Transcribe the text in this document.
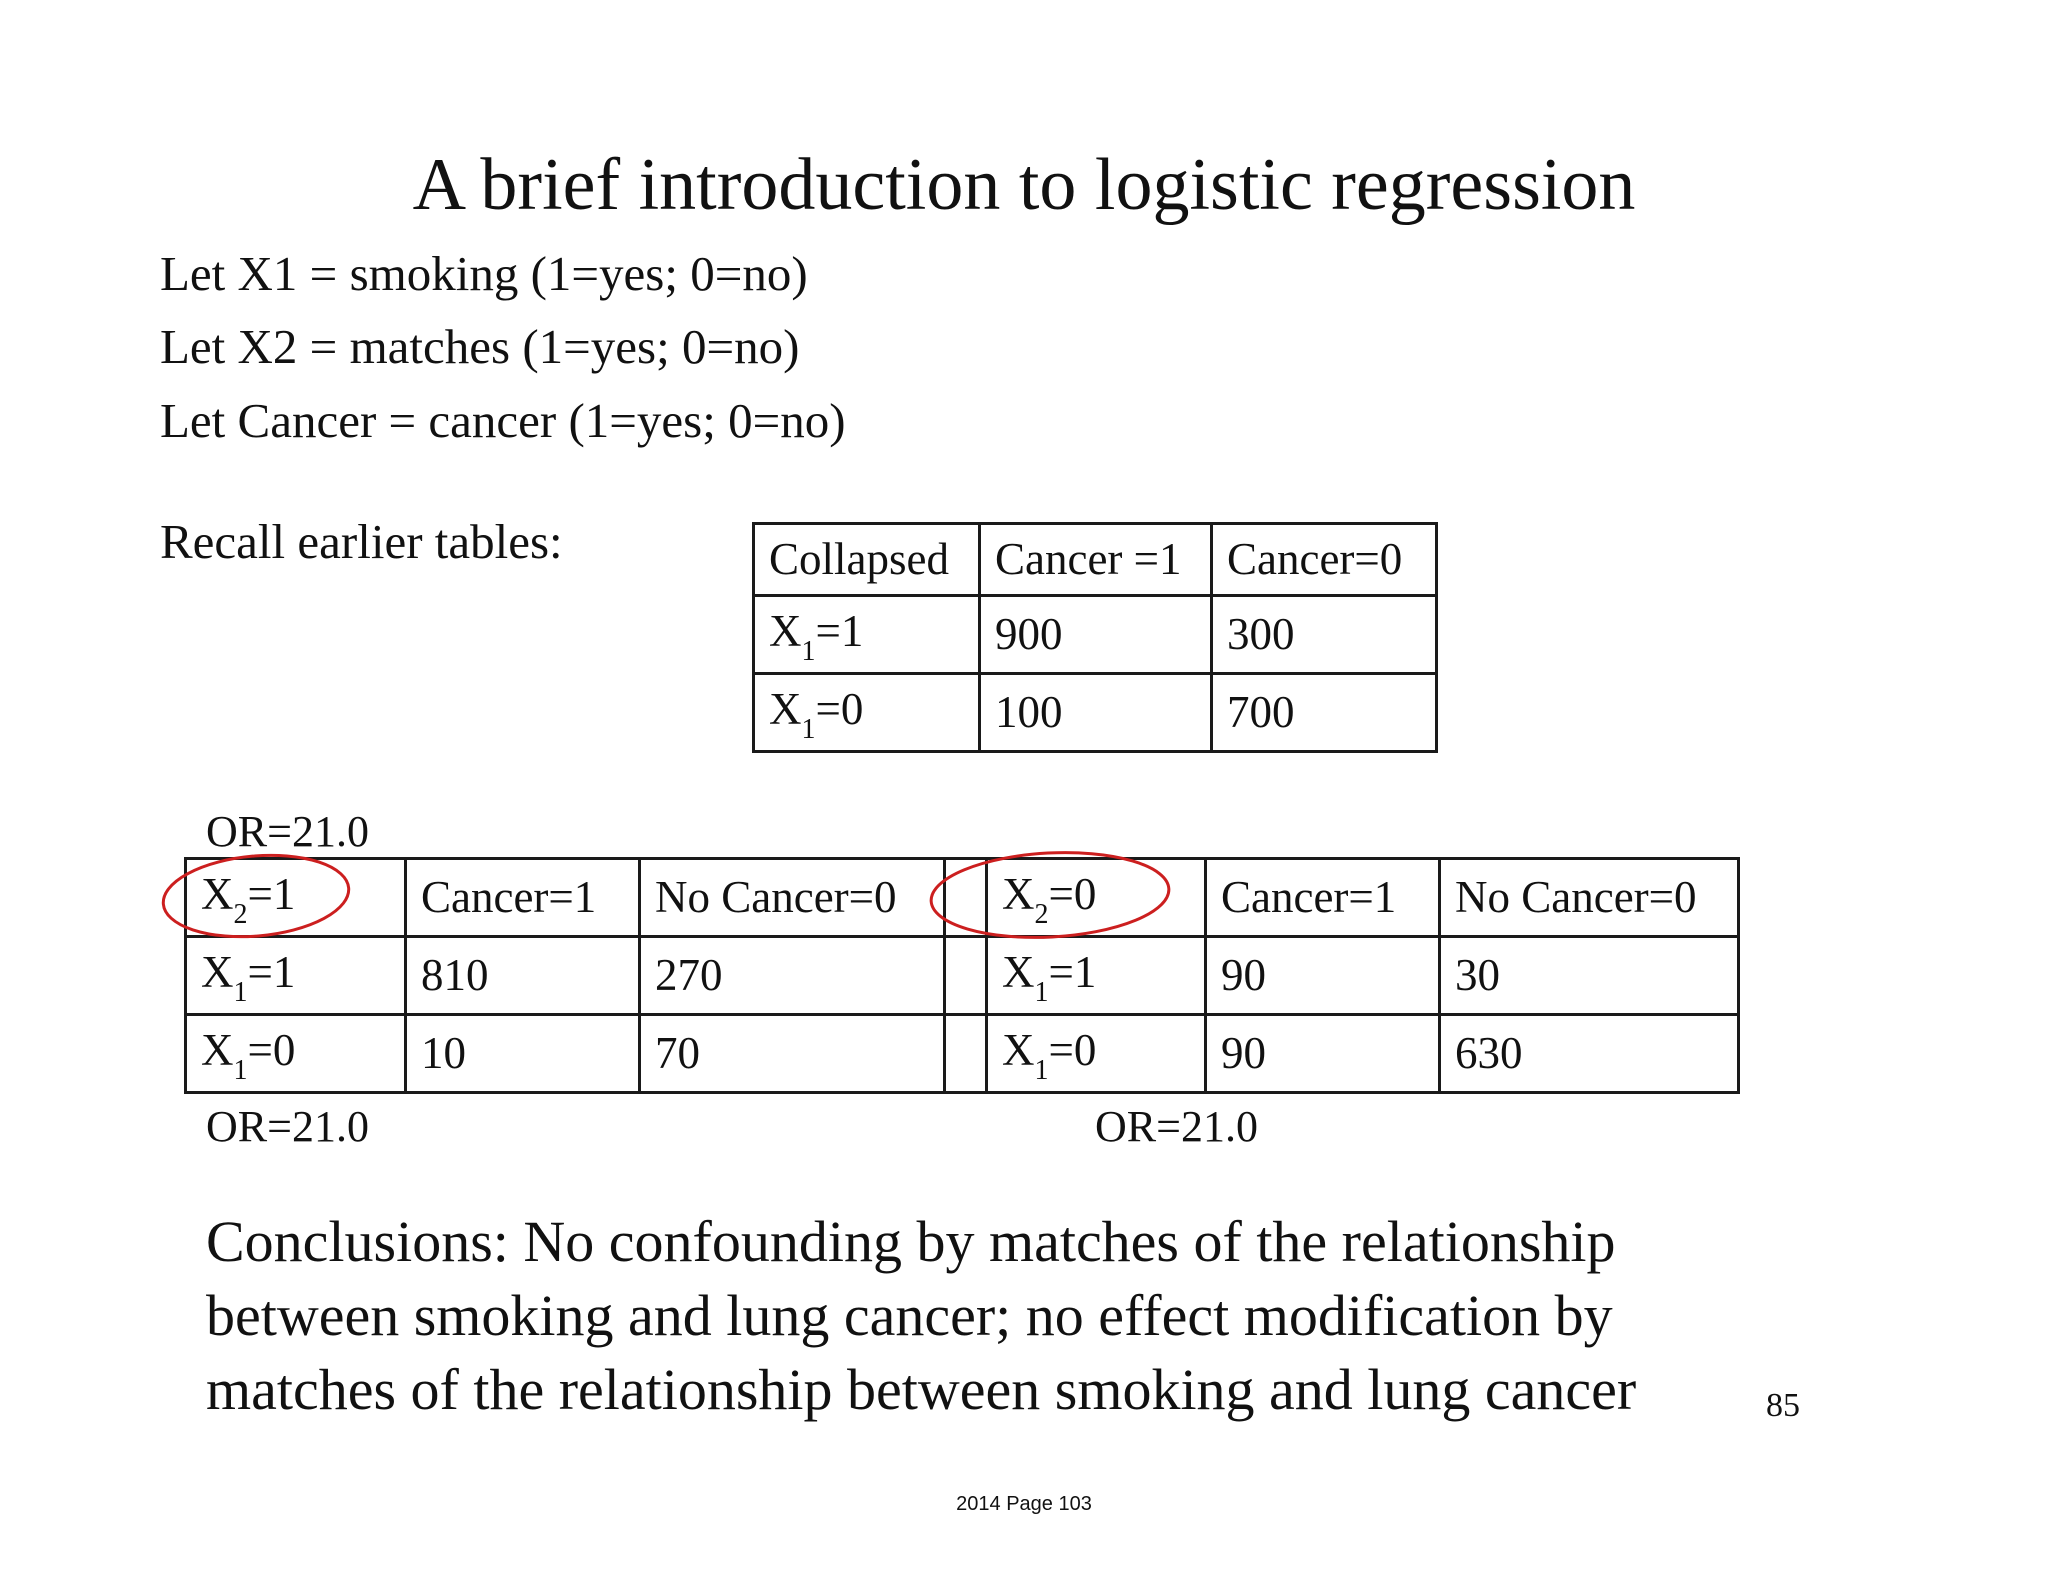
A brief introduction to logistic regression
Let X1 = smoking (1=yes; 0=no)
Let X2 = matches (1=yes; 0=no)
Let Cancer = cancer (1=yes; 0=no)
Recall earlier tables:	Collapsed	Cancer =1	Cancer=0
$X_1=1$	900	300
$X_1=0$	100	700
OR=21.0
$X_2=1$	Cancer=1	No Cancer=0		$X_2=0$	Cancer=1	No Cancer=0
$X_1=1$	810	270		$X_1=1$	90	30
$X_1=0$	10	70		$X_1=0$	90	630
OR=21.0	OR=21.0
Conclusions: No confounding by matches of the relationship between smoking and lung cancer; no effect modification by matches of the relationship between smoking and lung cancer	85
2014 Page 103
